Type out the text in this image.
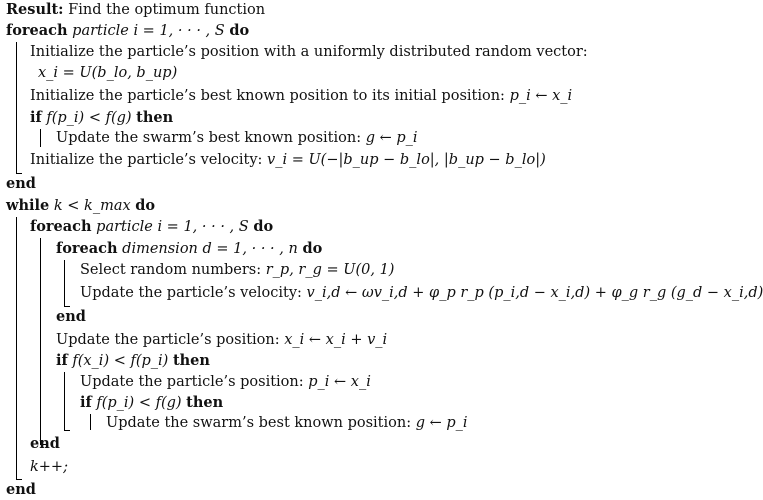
Result: Find the optimum function
foreach particle i = 1, · · · , S do
Initialize the particle’s position with a uniformly distributed random vector:
x_i = U(b_lo, b_up)
Initialize the particle’s best known position to its initial position: p_i ← x_i
if f(p_i) < f(g) then
Update the swarm’s best known position: g ← p_i
Initialize the particle’s velocity: v_i = U(−|b_up − b_lo|, |b_up − b_lo|)
end
while k < k_max do
foreach particle i = 1, · · · , S do
foreach dimension d = 1, · · · , n do
Select random numbers: r_p, r_g = U(0, 1)
Update the particle’s velocity: v_i,d ← ωv_i,d + φ_p r_p (p_i,d − x_i,d) + φ_g r_g (g_d − x_i,d)
end
Update the particle’s position: x_i ← x_i + v_i
if f(x_i) < f(p_i) then
Update the particle’s position: p_i ← x_i
if f(p_i) < f(g) then
Update the swarm’s best known position: g ← p_i
end
k++;
end
